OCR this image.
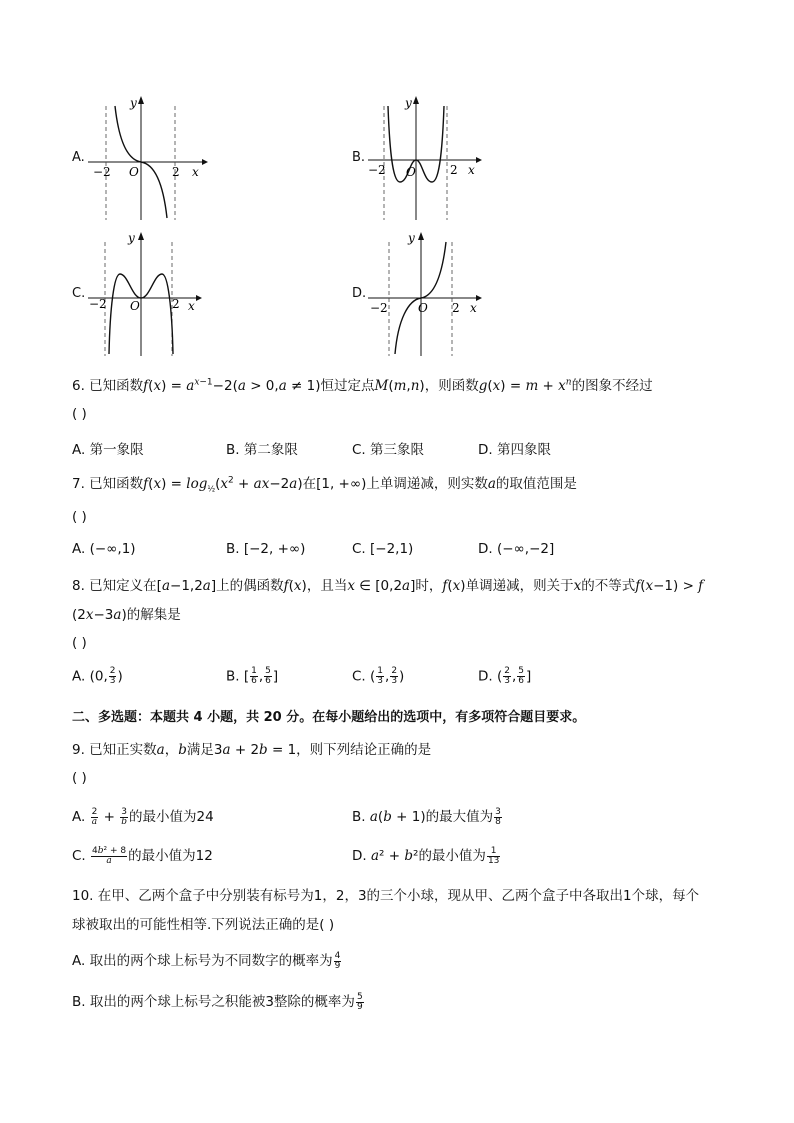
A.
y
x
−2	2
O
B.
y
x
−2	2
O
C.
y
x
−2	2
O
D.
y
x
−2	2
O
6. 已知函数$f(x) = a^{x-1}-2(a > 0,a \ne 1)$恒过定点M(m,n)，则函数$g(x) = m + x^n$的图象不经过
( )
A. 第一象限	B. 第二象限	C. 第三象限	D. 第四象限
7. 已知函数$f(x) = \log_{\frac{1}{2}}(x^2 + ax-2a)$在[1, +∞)上单调递减，则实数a的取值范围是
( )
A. (−∞,1)	B. [−2, +∞)	C. [−2,1)	D. (−∞,−2]
8. 已知定义在[a−1,2a]上的偶函数f(x)，且当x ∈ [0,2a]时，f(x)单调递减，则关于x的不等式f(x−1) > f
(2x−3a)的解集是
( )
A. (0, $\frac{2}{3}$ )	B. [ $\frac{1}{6}$ , $\frac{5}{6}$ ]	C. ( $\frac{1}{3}$ , $\frac{2}{3}$ )	D. ( $\frac{2}{3}$ , $\frac{5}{6}$ ]
二、多选题：本题共 4 小题，共 20 分。在每小题给出的选项中，有多项符合题目要求。
9. 已知正实数a，b满足3a + 2b = 1，则下列结论正确的是
( )
A. $\frac{2}{a} + \frac{3}{b}$ 的最小值为24	B. a(b + 1)的最大值为 $\frac{3}{8}$
C. $\frac{\text{4b² + 8}}{a}$ 的最小值为12	D. a² + b²的最小值为 $\frac{1}{13}$
10. 在甲、乙两个盒子中分别装有标号为1，2，3的三个小球，现从甲、乙两个盒子中各取出1个球，每个
球被取出的可能性相等.下列说法正确的是( )
A. 取出的两个球上标号为不同数字的概率为 $\frac{4}{9}$
B. 取出的两个球上标号之积能被3整除的概率为 $\frac{5}{9}$
